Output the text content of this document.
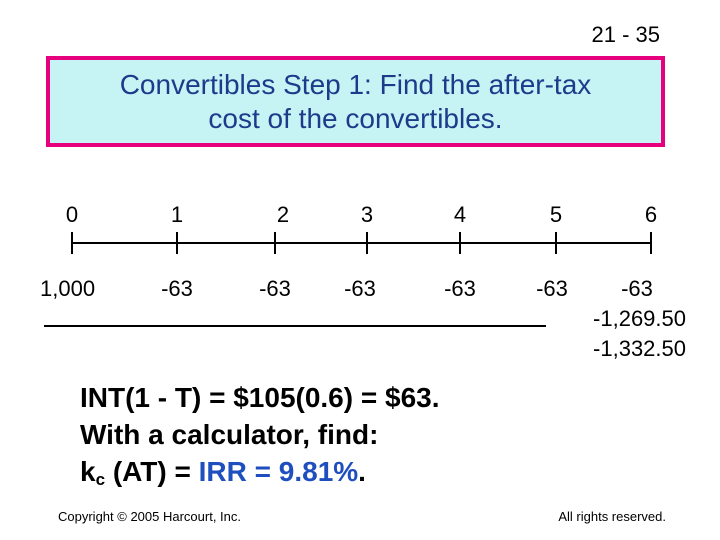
21 - 35
Convertibles Step 1: Find the after-tax
cost of the convertibles.
0	1	2	3	4	5	6
1,000	-63	-63 -63	-63	-63 -63
-1,269.50
-1,332.50
INT(1 - T) = $105(0.6) = $63.
With a calculator, find:
$k_c$ (AT) = IRR = 9.81%.
Copyright © 2005 Harcourt, Inc.	All rights reserved.
